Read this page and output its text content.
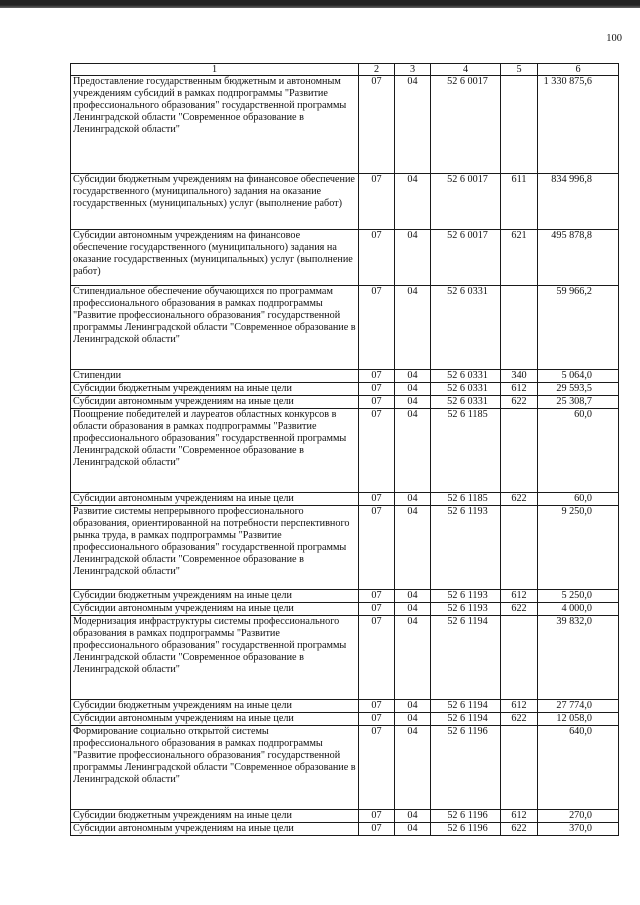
100
1	2	3	4	5	6
Предоставление государственным бюджетным и автономным учреждениям субсидий в рамках подпрограммы "Развитие профессионального образования" государственной программы Ленинградской области "Современное образование в Ленинградской области"	07	04	52 6 0017		1 330 875,6
Субсидии бюджетным учреждениям на финансовое обеспечение государственного (муниципального) задания на оказание государственных (муниципальных) услуг (выполнение работ)	07	04	52 6 0017	611	834 996,8
Субсидии автономным учреждениям на финансовое обеспечение государственного (муниципального) задания на оказание государственных (муниципальных) услуг (выполнение работ)	07	04	52 6 0017	621	495 878,8
Стипендиальное обеспечение обучающихся по программам профессионального образования в рамках подпрограммы "Развитие профессионального образования" государственной программы Ленинградской области "Современное образование в Ленинградской области"	07	04	52 6 0331		59 966,2
Стипендии	07	04	52 6 0331	340	5 064,0
Субсидии бюджетным учреждениям на иные цели	07	04	52 6 0331	612	29 593,5
Субсидии автономным учреждениям на иные цели	07	04	52 6 0331	622	25 308,7
Поощрение победителей и лауреатов областных конкурсов в области образования в рамках подпрограммы "Развитие профессионального образования" государственной программы Ленинградской области "Современное образование в Ленинградской области"	07	04	52 6 1185		60,0
Субсидии автономным учреждениям на иные цели	07	04	52 6 1185	622	60,0
Развитие системы непрерывного профессионального образования, ориентированной на потребности перспективного рынка труда, в рамках подпрограммы "Развитие профессионального образования" государственной программы Ленинградской области "Современное образование в Ленинградской области"	07	04	52 6 1193		9 250,0
Субсидии бюджетным учреждениям на иные цели	07	04	52 6 1193	612	5 250,0
Субсидии автономным учреждениям на иные цели	07	04	52 6 1193	622	4 000,0
Модернизация инфраструктуры системы профессионального образования в рамках подпрограммы "Развитие профессионального образования" государственной программы Ленинградской области "Современное образование в Ленинградской области"	07	04	52 6 1194		39 832,0
Субсидии бюджетным учреждениям на иные цели	07	04	52 6 1194	612	27 774,0
Субсидии автономным учреждениям на иные цели	07	04	52 6 1194	622	12 058,0
Формирование социально открытой системы профессионального образования в рамках подпрограммы "Развитие профессионального образования" государственной программы Ленинградской области "Современное образование в Ленинградской области"	07	04	52 6 1196		640,0
Субсидии бюджетным учреждениям на иные цели	07	04	52 6 1196	612	270,0
Субсидии автономным учреждениям на иные цели	07	04	52 6 1196	622	370,0
